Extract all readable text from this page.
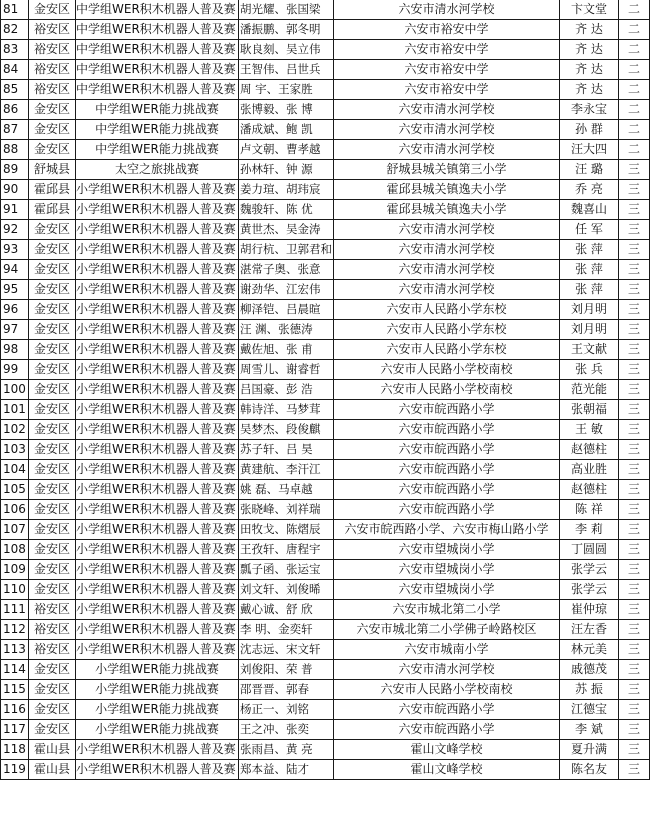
81	金安区	中学组WER积木机器人普及赛	胡光耀、张国梁	六安市清水河学校	卞文堂	二
82	裕安区	中学组WER积木机器人普及赛	潘振鹏、郭冬明	六安市裕安中学	齐 达	二
83	裕安区	中学组WER积木机器人普及赛	耿良刻、吴立伟	六安市裕安中学	齐 达	二
84	裕安区	中学组WER积木机器人普及赛	王智伟、吕世兵	六安市裕安中学	齐 达	二
85	裕安区	中学组WER积木机器人普及赛	周 宇、王家胜	六安市裕安中学	齐 达	二
86	金安区	中学组WER能力挑战赛	张博毅、张 博	六安市清水河学校	李永宝	二
87	金安区	中学组WER能力挑战赛	潘成斌、鲍 凯	六安市清水河学校	孙 群	二
88	金安区	中学组WER能力挑战赛	卢文朝、曹孝越	六安市清水河学校	汪大四	二
89	舒城县	太空之旅挑战赛	孙林轩、钟 源	舒城县城关镇第三小学	汪 璐	三
90	霍邱县	小学组WER积木机器人普及赛	姜力瑄、胡玮宸	霍邱县城关镇逸夫小学	乔 亮	三
91	霍邱县	小学组WER积木机器人普及赛	魏骏轩、陈 优	霍邱县城关镇逸夫小学	魏喜山	三
92	金安区	小学组WER积木机器人普及赛	黄世杰、吴金涛	六安市清水河学校	任 军	三
93	金安区	小学组WER积木机器人普及赛	胡行杭、卫郭君和	六安市清水河学校	张 萍	三
94	金安区	小学组WER积木机器人普及赛	湛常子奥、张意	六安市清水河学校	张 萍	三
95	金安区	小学组WER积木机器人普及赛	谢劲华、江宏伟	六安市清水河学校	张 萍	三
96	金安区	小学组WER积木机器人普及赛	柳泽铠、吕晨暄	六安市人民路小学东校	刘月明	三
97	金安区	小学组WER积木机器人普及赛	汪 渊、张德涛	六安市人民路小学东校	刘月明	三
98	金安区	小学组WER积木机器人普及赛	戴佐旭、张 甫	六安市人民路小学东校	王文献	三
99	金安区	小学组WER积木机器人普及赛	周雪儿、谢睿哲	六安市人民路小学校南校	张 兵	三
100	金安区	小学组WER积木机器人普及赛	吕国豪、彭 浩	六安市人民路小学校南校	范光能	三
101	金安区	小学组WER积木机器人普及赛	韩诗洋、马梦茸	六安市皖西路小学	张朝福	三
102	金安区	小学组WER积木机器人普及赛	吴梦杰、段俊麒	六安市皖西路小学	王 敏	三
103	金安区	小学组WER积木机器人普及赛	苏子轩、吕 昊	六安市皖西路小学	赵德柱	三
104	金安区	小学组WER积木机器人普及赛	黄建航、李汗江	六安市皖西路小学	高业胜	三
105	金安区	小学组WER积木机器人普及赛	姚 磊、马卓越	六安市皖西路小学	赵德柱	三
106	金安区	小学组WER积木机器人普及赛	张晓峰、刘祥瑞	六安市皖西路小学	陈 祥	三
107	金安区	小学组WER积木机器人普及赛	田牧戈、陈熠辰	六安市皖西路小学、六安市梅山路小学	李 莉	三
108	金安区	小学组WER积木机器人普及赛	王孜轩、唐程宇	六安市望城岗小学	丁圆圆	三
109	金安区	小学组WER积木机器人普及赛	瓢子函、张运宝	六安市望城岗小学	张学云	三
110	金安区	小学组WER积木机器人普及赛	刘文轩、刘俊晞	六安市望城岗小学	张学云	三
111	裕安区	小学组WER积木机器人普及赛	戴心诚、舒 欣	六安市城北第二小学	崔仲琼	三
112	裕安区	小学组WER积木机器人普及赛	李 明、金奕轩	六安市城北第二小学佛子岭路校区	汪左香	三
113	裕安区	小学组WER积木机器人普及赛	沈志远、宋文轩	六安市城南小学	林元美	三
114	金安区	小学组WER能力挑战赛	刘俊阳、荣 普	六安市清水河学校	戚德茂	三
115	金安区	小学组WER能力挑战赛	邵晋晋、郭春	六安市人民路小学校南校	苏 振	三
116	金安区	小学组WER能力挑战赛	杨正一、刘铭	六安市皖西路小学	江德宝	三
117	金安区	小学组WER能力挑战赛	王之冲、张奕	六安市皖西路小学	李 斌	三
118	霍山县	小学组WER积木机器人普及赛	张雨昌、黄 亮	霍山文峰学校	夏升满	三
119	霍山县	小学组WER积木机器人普及赛	郑本益、陆才	霍山文峰学校	陈名友	三
